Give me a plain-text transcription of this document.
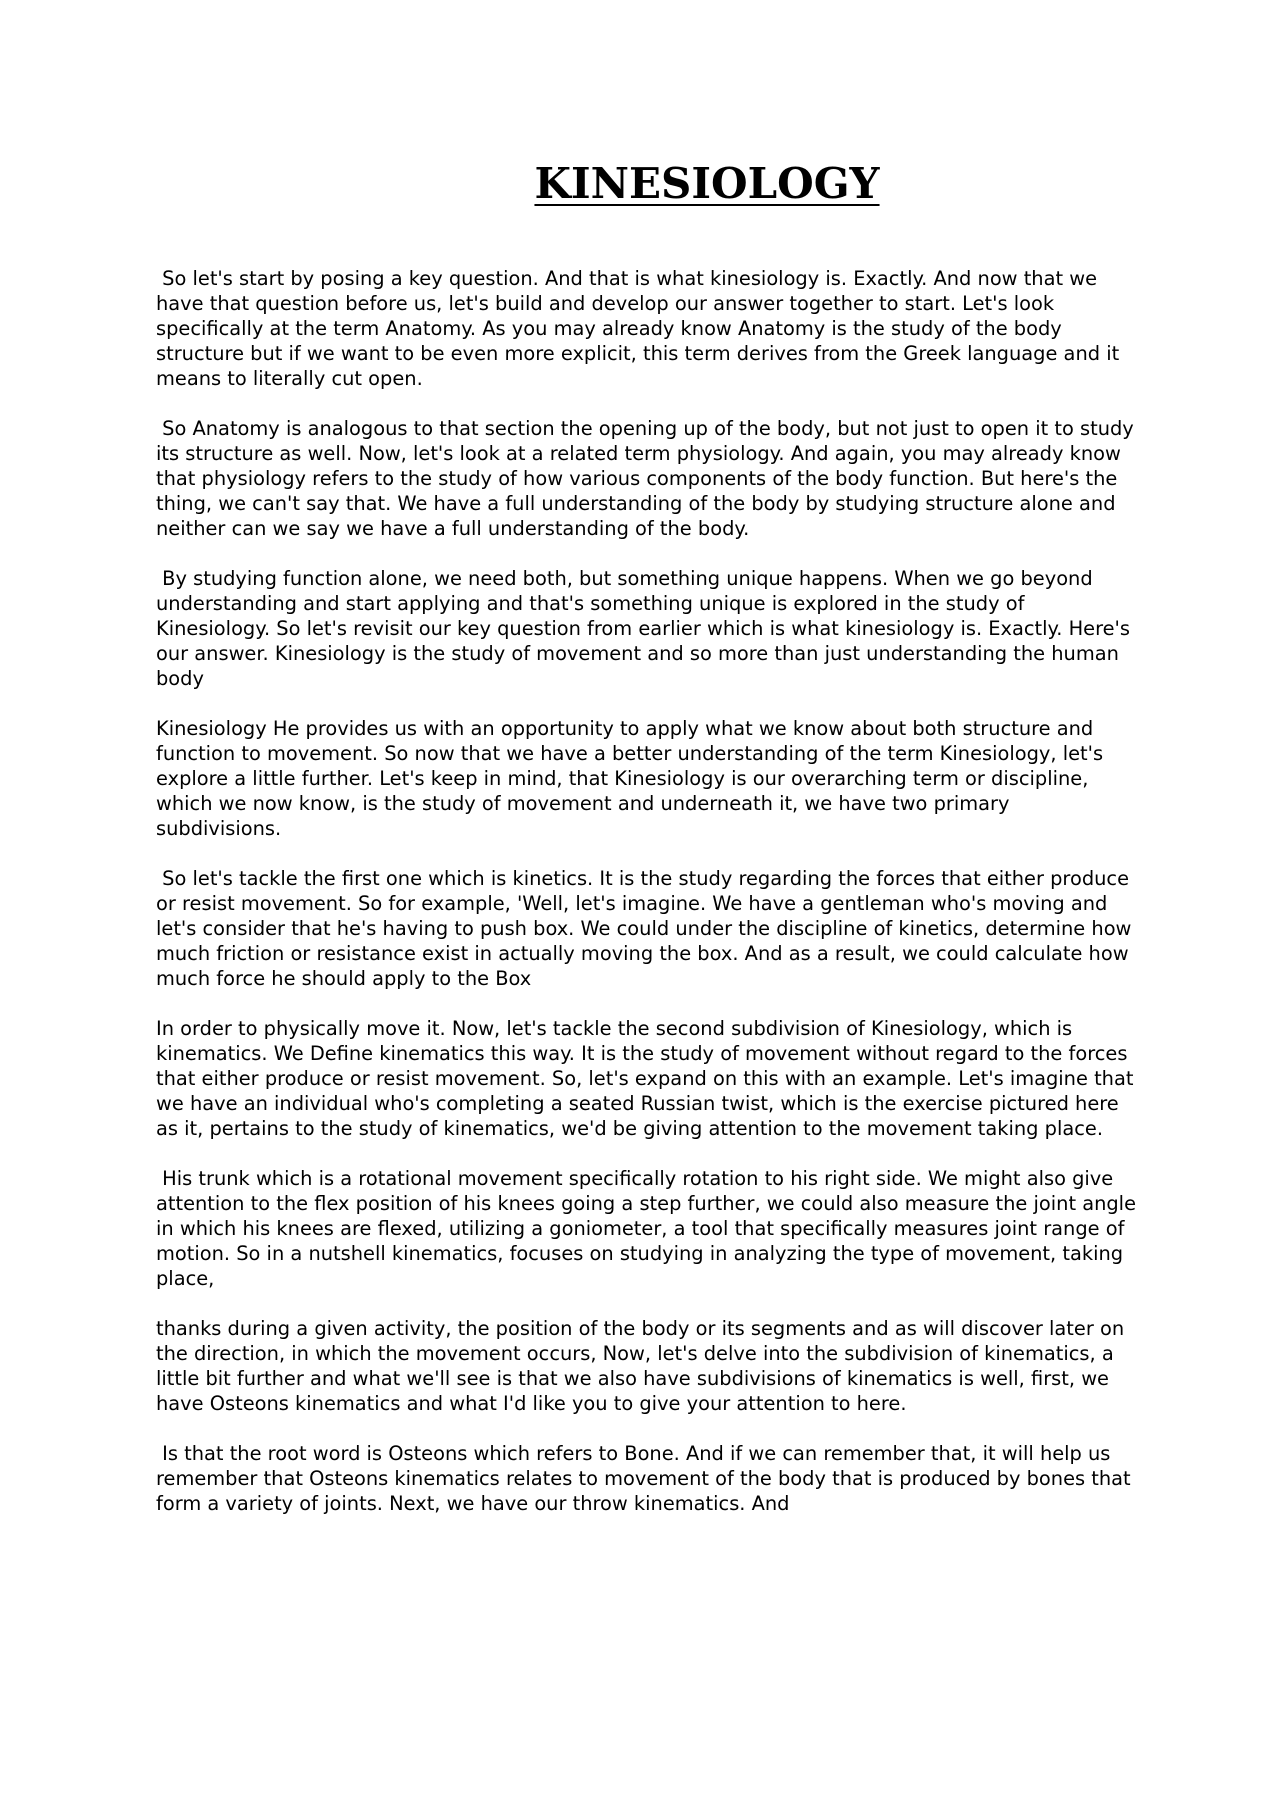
KINESIOLOGY

So let's start by posing a key question. And that is what kinesiology is. Exactly. And now that we have that question before us, let's build and develop our answer together to start. Let's look specifically at the term Anatomy. As you may already know Anatomy is the study of the body structure but if we want to be even more explicit, this term derives from the Greek language and it means to literally cut open.

So Anatomy is analogous to that section the opening up of the body, but not just to open it to study its structure as well. Now, let's look at a related term physiology. And again, you may already know that physiology refers to the study of how various components of the body function. But here's the thing, we can't say that. We have a full understanding of the body by studying structure alone and neither can we say we have a full understanding of the body.

By studying function alone, we need both, but something unique happens. When we go beyond understanding and start applying and that's something unique is explored in the study of Kinesiology. So let's revisit our key question from earlier which is what kinesiology is. Exactly. Here's our answer. Kinesiology is the study of movement and so more than just understanding the human body

Kinesiology He provides us with an opportunity to apply what we know about both structure and function to movement. So now that we have a better understanding of the term Kinesiology, let's explore a little further. Let's keep in mind, that Kinesiology is our overarching term or discipline, which we now know, is the study of movement and underneath it, we have two primary subdivisions.

So let's tackle the first one which is kinetics. It is the study regarding the forces that either produce or resist movement. So for example, 'Well, let's imagine. We have a gentleman who's moving and let's consider that he's having to push box. We could under the discipline of kinetics, determine how much friction or resistance exist in actually moving the box. And as a result, we could calculate how much force he should apply to the Box

In order to physically move it. Now, let's tackle the second subdivision of Kinesiology, which is kinematics. We Define kinematics this way. It is the study of movement without regard to the forces that either produce or resist movement. So, let's expand on this with an example. Let's imagine that we have an individual who's completing a seated Russian twist, which is the exercise pictured here as it, pertains to the study of kinematics, we'd be giving attention to the movement taking place.

His trunk which is a rotational movement specifically rotation to his right side. We might also give attention to the flex position of his knees going a step further, we could also measure the joint angle in which his knees are flexed, utilizing a goniometer, a tool that specifically measures joint range of motion. So in a nutshell kinematics, focuses on studying in analyzing the type of movement, taking place,

thanks during a given activity, the position of the body or its segments and as will discover later on the direction, in which the movement occurs, Now, let's delve into the subdivision of kinematics, a little bit further and what we'll see is that we also have subdivisions of kinematics is well, first, we have Osteons kinematics and what I'd like you to give your attention to here.

Is that the root word is Osteons which refers to Bone. And if we can remember that, it will help us remember that Osteons kinematics relates to movement of the body that is produced by bones that form a variety of joints. Next, we have our throw kinematics. And
